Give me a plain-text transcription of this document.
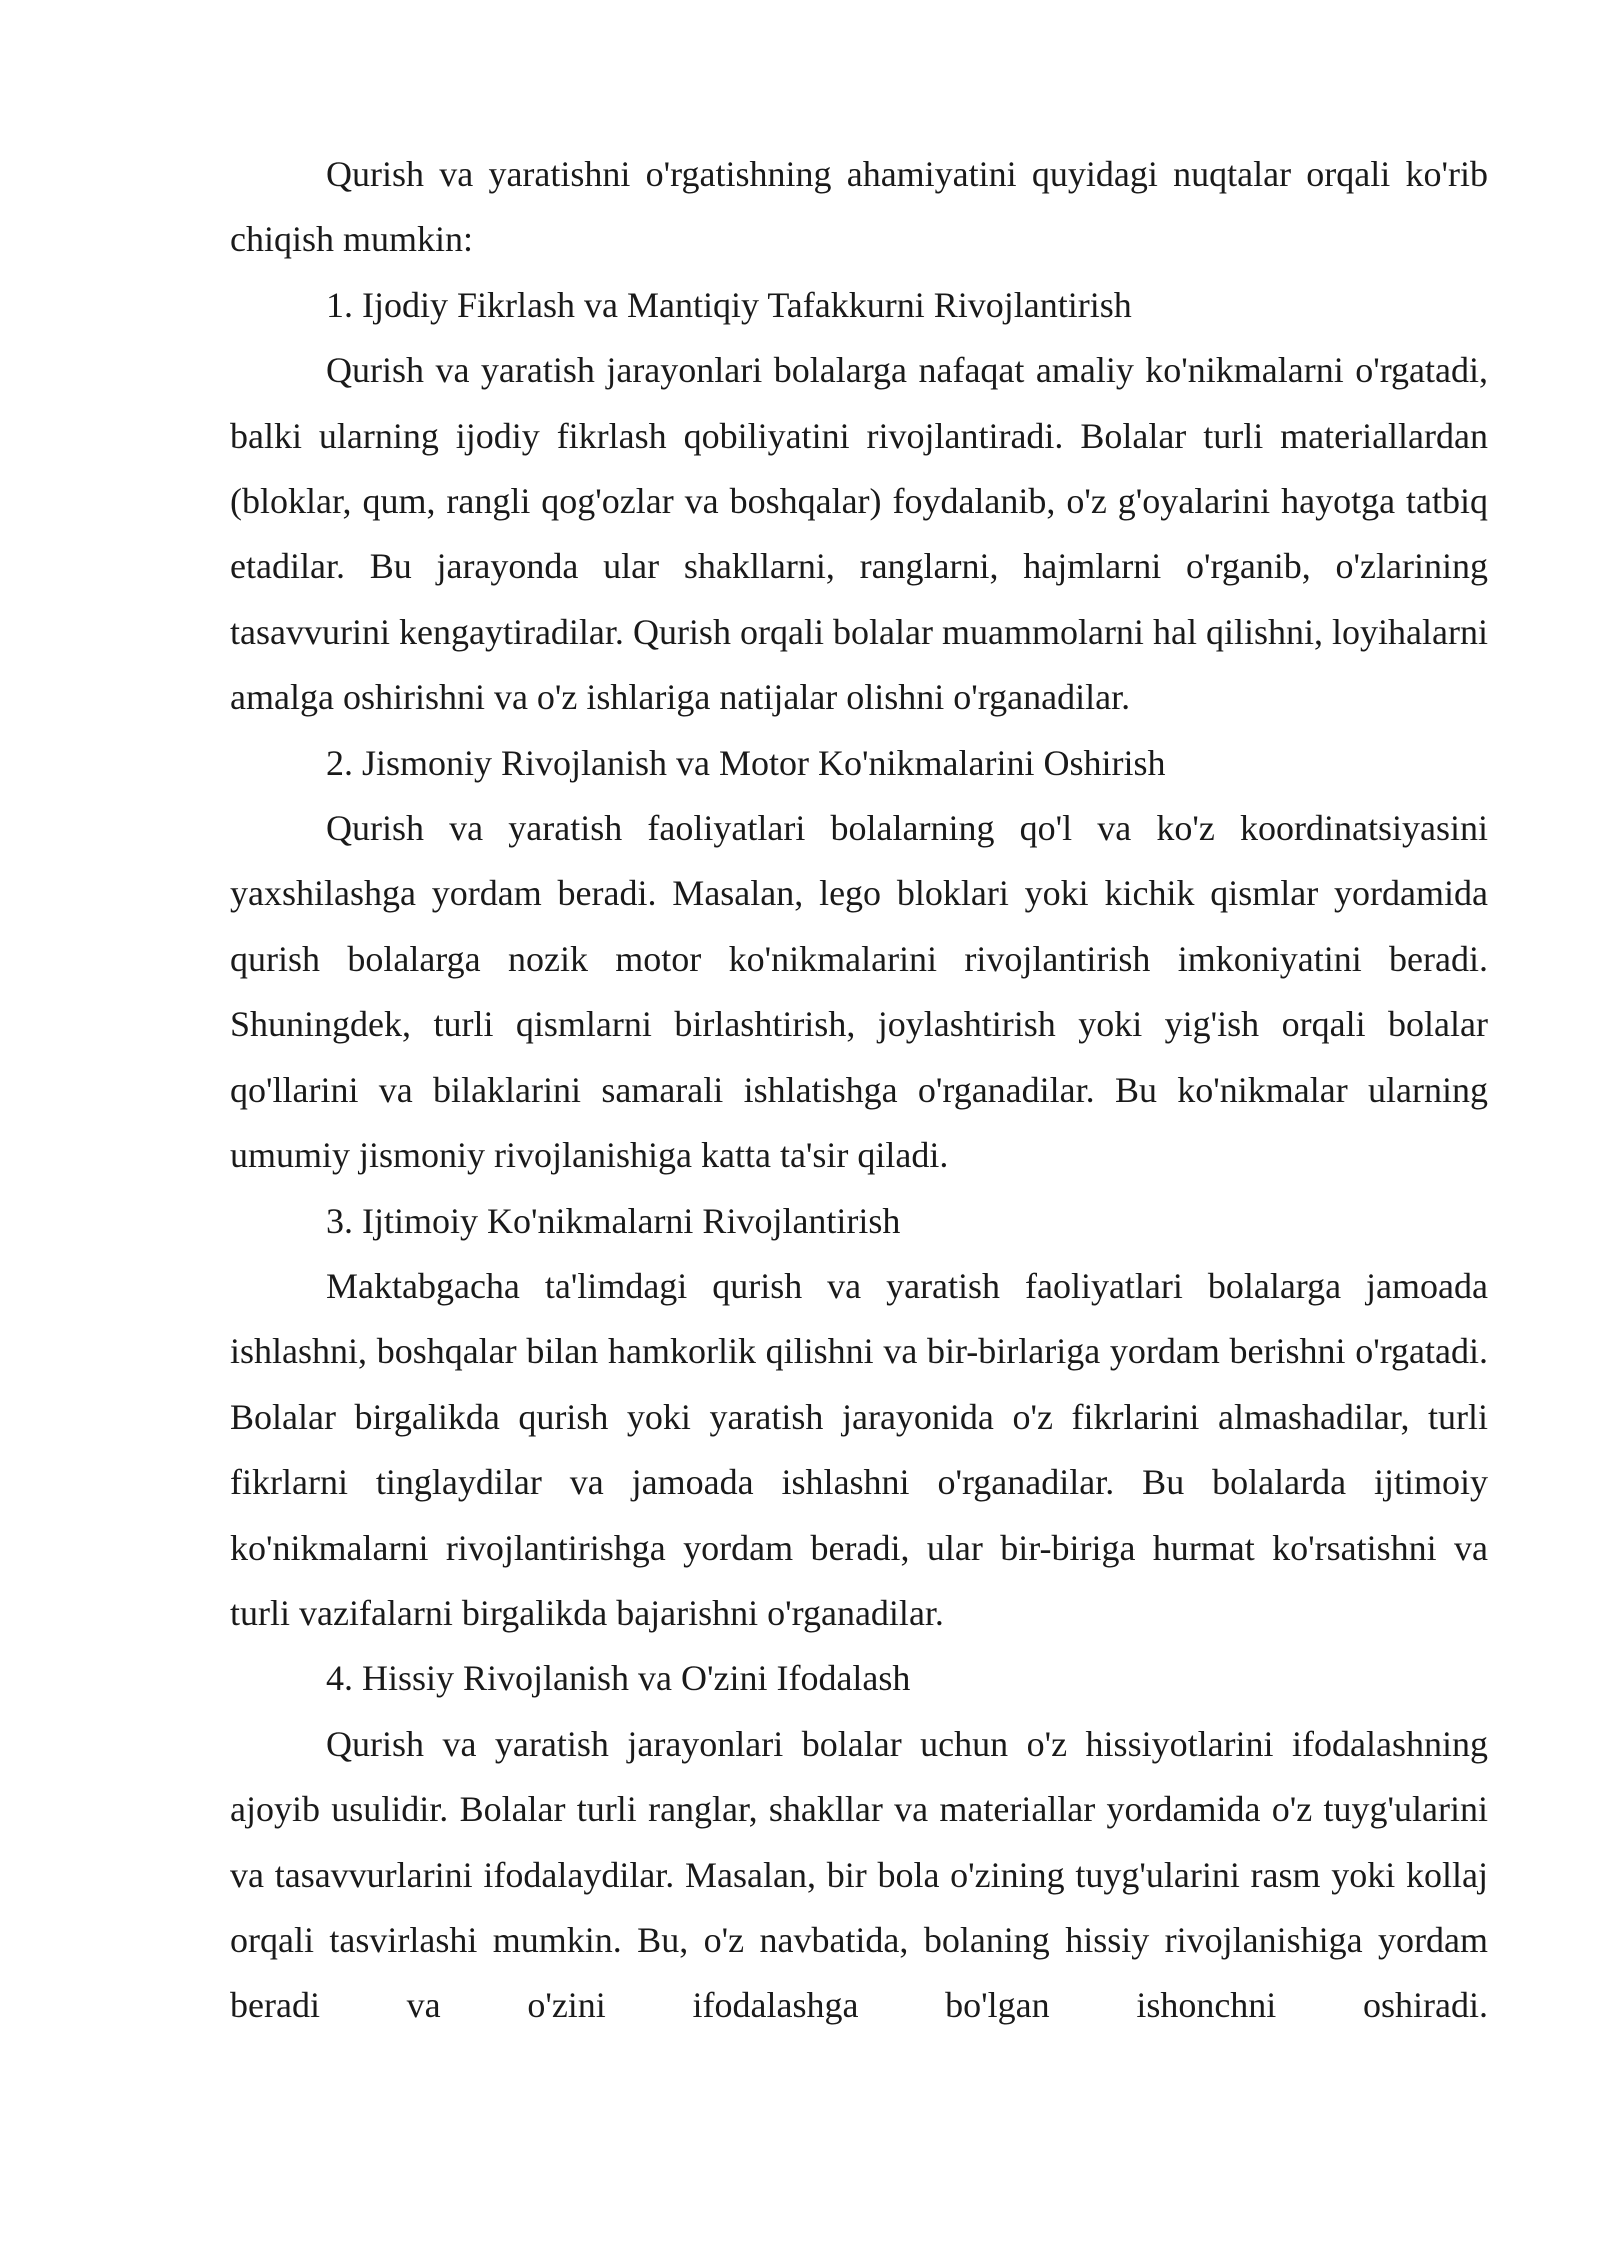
Qurish va yaratishni o'rgatishning ahamiyatini quyidagi nuqtalar orqali ko'rib chiqish mumkin:

1. Ijodiy Fikrlash va Mantiqiy Tafakkurni Rivojlantirish

Qurish va yaratish jarayonlari bolalarga nafaqat amaliy ko'nikmalarni o'rgatadi, balki ularning ijodiy fikrlash qobiliyatini rivojlantiradi. Bolalar turli materiallardan (bloklar, qum, rangli qog'ozlar va boshqalar) foydalanib, o'z g'oyalarini hayotga tatbiq etadilar. Bu jarayonda ular shakllarni, ranglarni, hajmlarni o'rganib, o'zlarining tasavvurini kengaytiradilar. Qurish orqali bolalar muammolarni hal qilishni, loyihalarni amalga oshirishni va o'z ishlariga natijalar olishni o'rganadilar.

2. Jismoniy Rivojlanish va Motor Ko'nikmalarini Oshirish

Qurish va yaratish faoliyatlari bolalarning qo'l va ko'z koordinatsiyasini yaxshilashga yordam beradi. Masalan, lego bloklari yoki kichik qismlar yordamida qurish bolalarga nozik motor ko'nikmalarini rivojlantirish imkoniyatini beradi. Shuningdek, turli qismlarni birlashtirish, joylashtirish yoki yig'ish orqali bolalar qo'llarini va bilaklarini samarali ishlatishga o'rganadilar. Bu ko'nikmalar ularning umumiy jismoniy rivojlanishiga katta ta'sir qiladi.

3. Ijtimoiy Ko'nikmalarni Rivojlantirish

Maktabgacha ta'limdagi qurish va yaratish faoliyatlari bolalarga jamoada ishlashni, boshqalar bilan hamkorlik qilishni va bir-birlariga yordam berishni o'rgatadi. Bolalar birgalikda qurish yoki yaratish jarayonida o'z fikrlarini almashadilar, turli fikrlarni tinglaydilar va jamoada ishlashni o'rganadilar. Bu bolalarda ijtimoiy ko'nikmalarni rivojlantirishga yordam beradi, ular bir-biriga hurmat ko'rsatishni va turli vazifalarni birgalikda bajarishni o'rganadilar.

4. Hissiy Rivojlanish va O'zini Ifodalash

Qurish va yaratish jarayonlari bolalar uchun o'z hissiyotlarini ifodalashning ajoyib usulidir. Bolalar turli ranglar, shakllar va materiallar yordamida o'z tuyg'ularini va tasavvurlarini ifodalaydilar. Masalan, bir bola o'zining tuyg'ularini rasm yoki kollaj orqali tasvirlashi mumkin. Bu, o'z navbatida, bolaning hissiy rivojlanishiga yordam beradi va o'zini ifodalashga bo'lgan ishonchni oshiradi.
